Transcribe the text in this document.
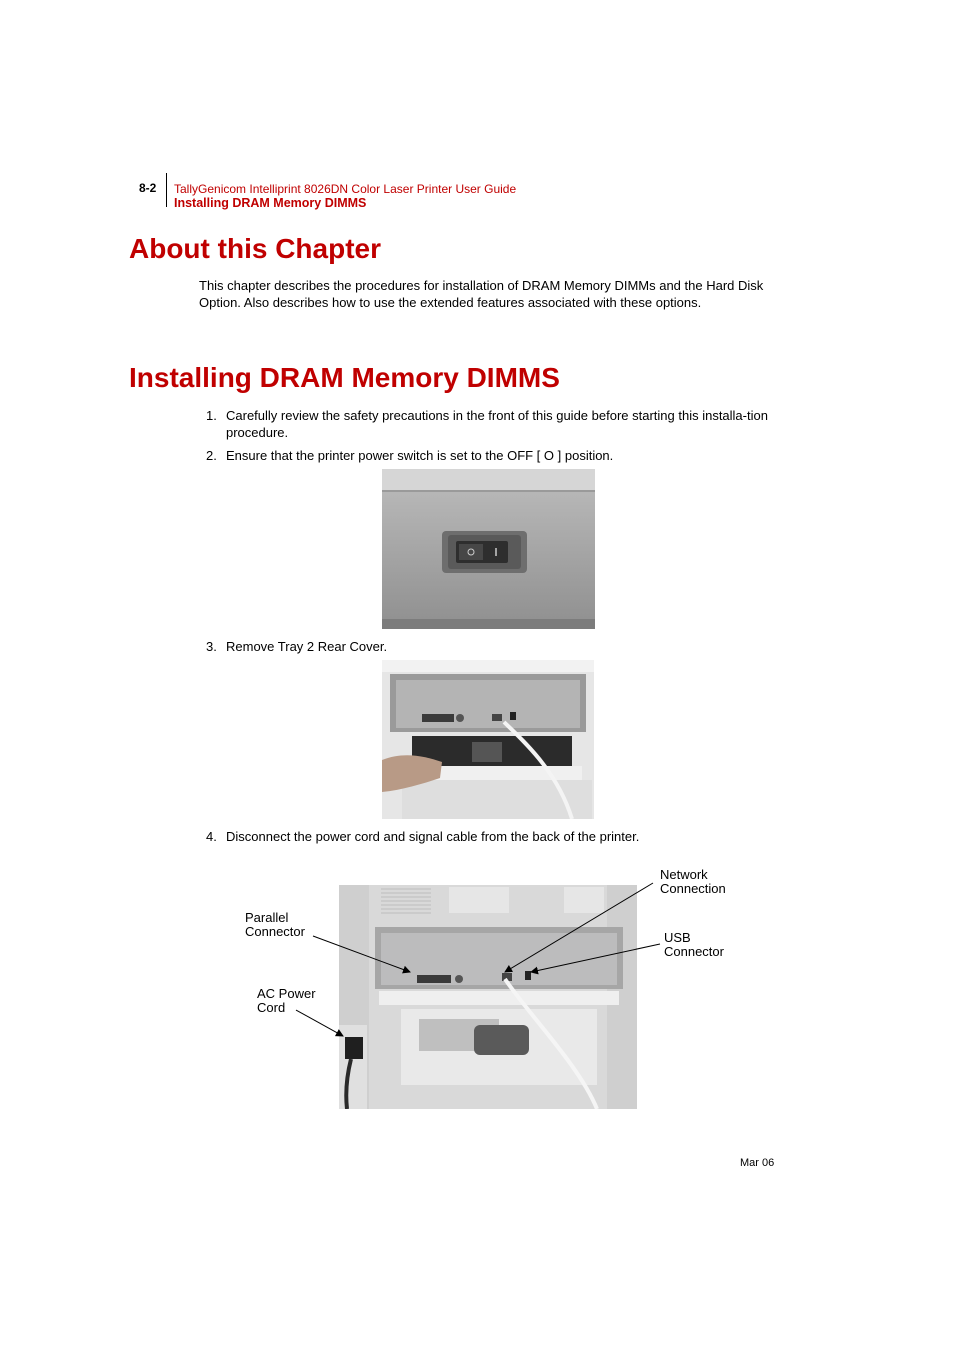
8-2 TallyGenicom Intelliprint 8026DN Color Laser Printer User Guide
Installing DRAM Memory DIMMS
About this Chapter
This chapter describes the procedures for installation of DRAM Memory DIMMs and the Hard Disk Option. Also describes how to use the extended features associated with these options.
Installing DRAM Memory DIMMS
1. Carefully review the safety precautions in the front of this guide before starting this installa-tion procedure.
2. Ensure that the printer power switch is set to the OFF [ O ] position.
3. Remove Tray 2 Rear Cover.
4. Disconnect the power cord and signal cable from the back of the printer.
Parallel
Connector
AC Power
Cord
Network
Connection
USB
Connector
Mar 06
